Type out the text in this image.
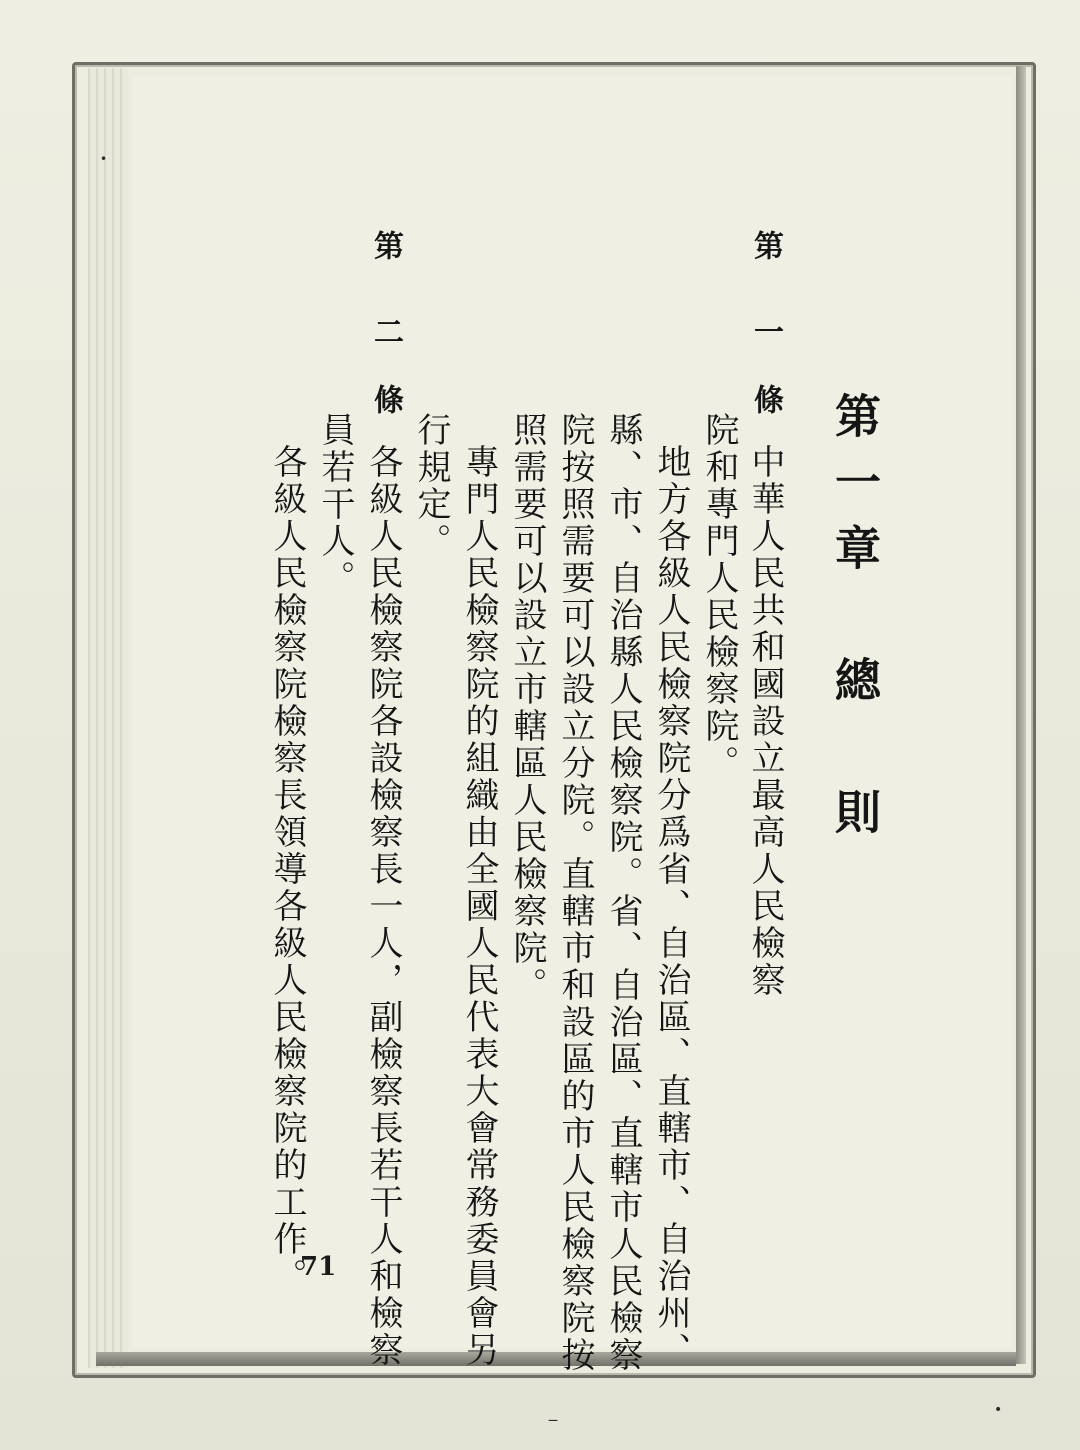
第一章　總　則
第
一
條
中華人民共和國設立最高人民檢察
院和專門人民檢察院。
地方各級人民檢察院分爲省、自治區、直轄市、自治州、
縣、市、自治縣人民檢察院。省、自治區、直轄市人民檢察
院按照需要可以設立分院。直轄市和設區的市人民檢察院按
照需要可以設立市轄區人民檢察院。
專門人民檢察院的組織由全國人民代表大會常務委員會另
行規定。
第
二
條
各級人民檢察院各設檢察長一人，副檢察長若干人和檢察
員若干人。
各級人民檢察院檢察長領導各級人民檢察院的工作。
71
•
•
‒
